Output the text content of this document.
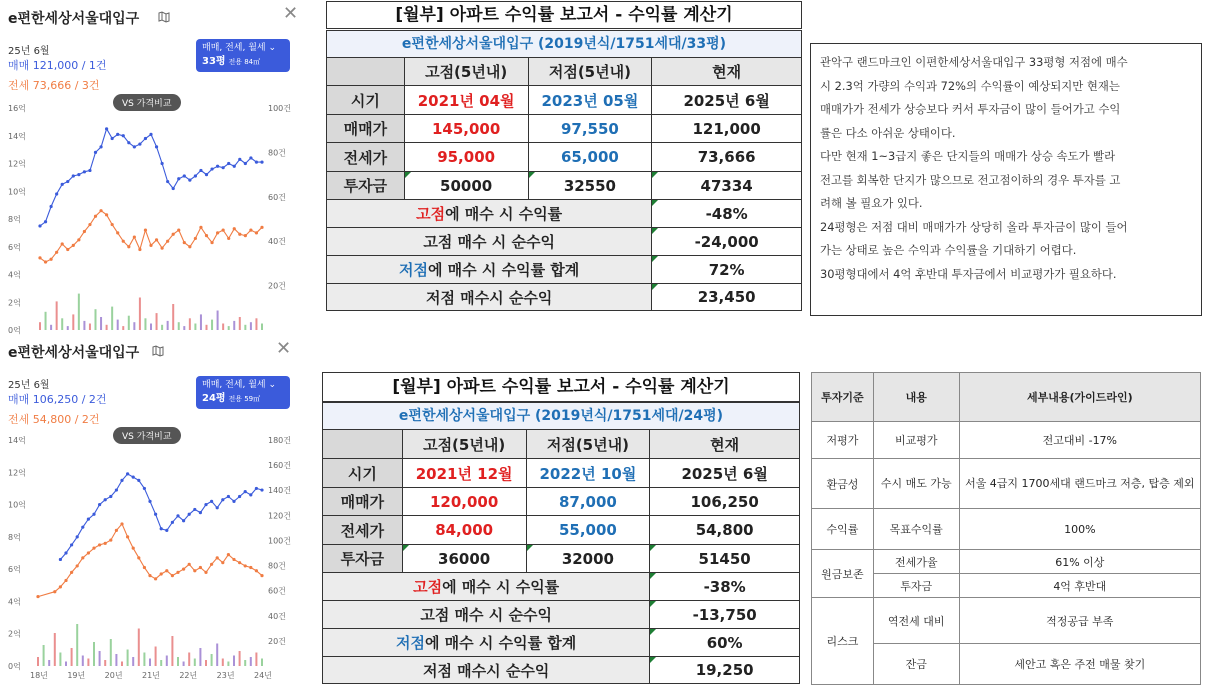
e편한세상서울대입구	✕
25년 6월
매매 121,000 / 1건
전세 73,666 / 3건
매매, 전세, 월세 ⌄
33평 전용 84㎡
VS 가격비교
16억
14억
12억
10억
8억
6억
4억
2억
0억
100건
80건
60건
40건
20건
e편한세상서울대입구	✕
25년 6월
매매 106,250 / 2건
전세 54,800 / 2건
매매, 전세, 월세 ⌄
24평 전용 59㎡
VS 가격비교
14억
12억
10억
8억
6억
4억
2억
0억
180건
160건
140건
120건
100건
80건
60건
40건
20건
18년 19년 20년 21년 22년 23년 24년
[월부] 아파트 수익률 보고서 - 수익률 계산기
e편한세상서울대입구 (2019년식/1751세대/33평)
	고점(5년내)	저점(5년내)	현재
시기	2021년 04월	2023년 05월	2025년 6월
매매가	145,000	97,550	121,000
전세가	95,000	65,000	73,666
투자금	50000	32550	47334
고점에 매수 시 수익률			-48%
고점 매수 시 순수익			-24,000
저점에 매수 시 수익률 합계			72%
저점 매수시 순수익			23,450
[월부] 아파트 수익률 보고서 - 수익률 계산기
e편한세상서울대입구 (2019년식/1751세대/24평)
	고점(5년내)	저점(5년내)	현재
시기	2021년 12월	2022년 10월	2025년 6월
매매가	120,000	87,000	106,250
전세가	84,000	55,000	54,800
투자금	36000	32000	51450
고점에 매수 시 수익률			-38%
고점 매수 시 순수익			-13,750
저점에 매수 시 수익률 합계			60%
저점 매수시 순수익			19,250
관악구 랜드마크인 이편한세상서울대입구 33평형 저점에 매수
시 2.3억 가량의 수익과 72%의 수익률이 예상되지만 현재는
매매가가 전세가 상승보다 커서 투자금이 많이 들어가고 수익
률은 다소 아쉬운 상태이다.
다만 현재 1~3급지 좋은 단지들의 매매가 상승 속도가 빨라
전고를 회복한 단지가 많으므로 전고점이하의 경우 투자를 고
려해 볼 필요가 있다.
24평형은 저점 대비 매매가가 상당히 올라 투자금이 많이 들어
가는 상태로 높은 수익과 수익률을 기대하기 어렵다.
30평형대에서 4억 후반대 투자금에서 비교평가가 필요하다.
투자기준	내용	세부내용(가이드라인)
저평가	비교평가	전고대비 -17%
환금성	수시 매도 가능	서울 4급지 1700세대 랜드마크 저층, 탑층 제외
수익률	목표수익률	100%
원금보존	전세가율	61% 이상
	투자금	4억 후반대
리스크	역전세 대비	적정공급 부족
	잔금	세안고 혹은 주전 매물 찾기
